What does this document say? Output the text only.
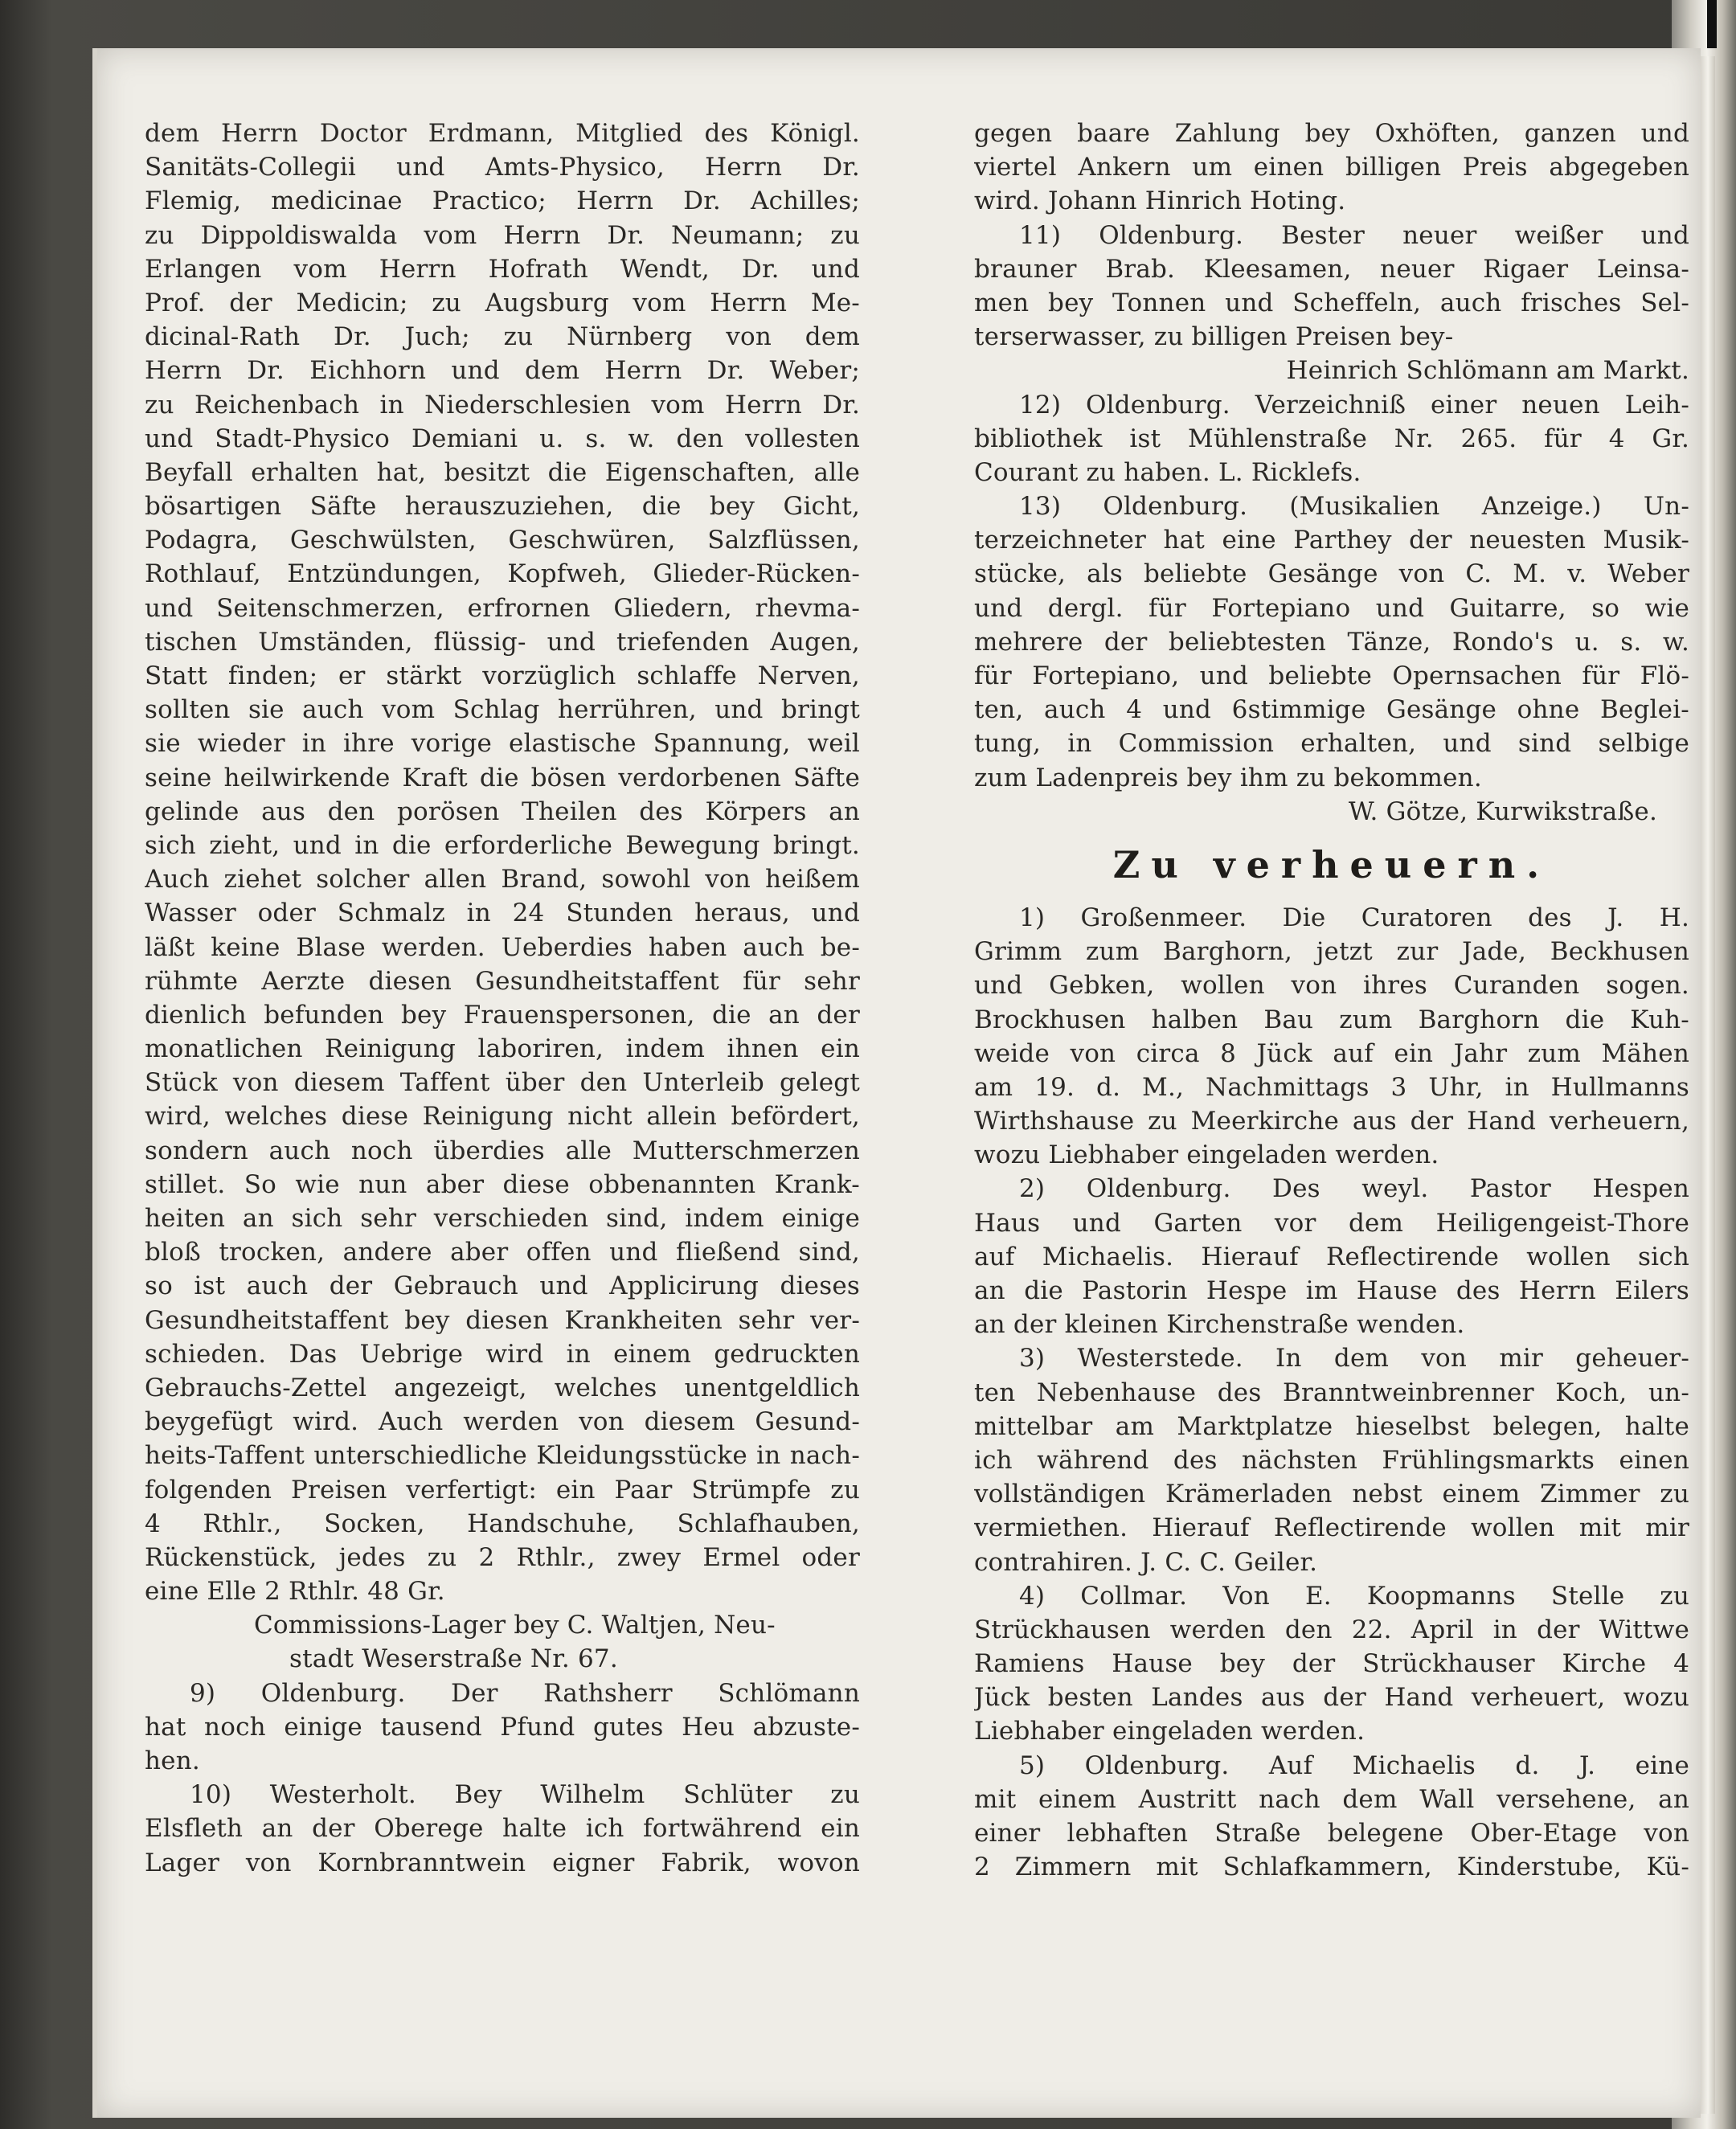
dem Herrn Doctor Erdmann, Mitglied des Königl.
Sanitäts-Collegii und Amts-Physico, Herrn Dr.
Flemig, medicinae Practico; Herrn Dr. Achilles;
zu Dippoldiswalda vom Herrn Dr. Neumann; zu
Erlangen vom Herrn Hofrath Wendt, Dr. und
Prof. der Medicin; zu Augsburg vom Herrn Me-
dicinal-Rath Dr. Juch; zu Nürnberg von dem
Herrn Dr. Eichhorn und dem Herrn Dr. Weber;
zu Reichenbach in Niederschlesien vom Herrn Dr.
und Stadt-Physico Demiani u. s. w. den vollesten
Beyfall erhalten hat, besitzt die Eigenschaften, alle
bösartigen Säfte herauszuziehen, die bey Gicht,
Podagra, Geschwülsten, Geschwüren, Salzflüssen,
Rothlauf, Entzündungen, Kopfweh, Glieder-Rücken-
und Seitenschmerzen, erfrornen Gliedern, rhevma-
tischen Umständen, flüssig- und triefenden Augen,
Statt finden; er stärkt vorzüglich schlaffe Nerven,
sollten sie auch vom Schlag herrühren, und bringt
sie wieder in ihre vorige elastische Spannung, weil
seine heilwirkende Kraft die bösen verdorbenen Säfte
gelinde aus den porösen Theilen des Körpers an
sich zieht, und in die erforderliche Bewegung bringt.
Auch ziehet solcher allen Brand, sowohl von heißem
Wasser oder Schmalz in 24 Stunden heraus, und
läßt keine Blase werden. Ueberdies haben auch be-
rühmte Aerzte diesen Gesundheitstaffent für sehr
dienlich befunden bey Frauenspersonen, die an der
monatlichen Reinigung laboriren, indem ihnen ein
Stück von diesem Taffent über den Unterleib gelegt
wird, welches diese Reinigung nicht allein befördert,
sondern auch noch überdies alle Mutterschmerzen
stillet. So wie nun aber diese obbenannten Krank-
heiten an sich sehr verschieden sind, indem einige
bloß trocken, andere aber offen und fließend sind,
so ist auch der Gebrauch und Applicirung dieses
Gesundheitstaffent bey diesen Krankheiten sehr ver-
schieden. Das Uebrige wird in einem gedruckten
Gebrauchs-Zettel angezeigt, welches unentgeldlich
beygefügt wird. Auch werden von diesem Gesund-
heits-Taffent unterschiedliche Kleidungsstücke in nach-
folgenden Preisen verfertigt: ein Paar Strümpfe zu
4 Rthlr., Socken, Handschuhe, Schlafhauben,
Rückenstück, jedes zu 2 Rthlr., zwey Ermel oder
eine Elle 2 Rthlr. 48 Gr.
Commissions-Lager bey C. Waltjen, Neu-
stadt Weserstraße Nr. 67.
9) Oldenburg. Der Rathsherr Schlömann
hat noch einige tausend Pfund gutes Heu abzuste-
hen.
10) Westerholt. Bey Wilhelm Schlüter zu
Elsfleth an der Oberege halte ich fortwährend ein
Lager von Kornbranntwein eigner Fabrik, wovon
gegen baare Zahlung bey Oxhöften, ganzen und
viertel Ankern um einen billigen Preis abgegeben
wird. Johann Hinrich Hoting.
11) Oldenburg. Bester neuer weißer und
brauner Brab. Kleesamen, neuer Rigaer Leinsa-
men bey Tonnen und Scheffeln, auch frisches Sel-
terserwasser, zu billigen Preisen bey-
Heinrich Schlömann am Markt.
12) Oldenburg. Verzeichniß einer neuen Leih-
bibliothek ist Mühlenstraße Nr. 265. für 4 Gr.
Courant zu haben. L. Ricklefs.
13) Oldenburg. (Musikalien Anzeige.) Un-
terzeichneter hat eine Parthey der neuesten Musik-
stücke, als beliebte Gesänge von C. M. v. Weber
und dergl. für Fortepiano und Guitarre, so wie
mehrere der beliebtesten Tänze, Rondo's u. s. w.
für Fortepiano, und beliebte Opernsachen für Flö-
ten, auch 4 und 6stimmige Gesänge ohne Beglei-
tung, in Commission erhalten, und sind selbige
zum Ladenpreis bey ihm zu bekommen.
W. Götze, Kurwikstraße.
Zu verheuern.
1) Großenmeer. Die Curatoren des J. H.
Grimm zum Barghorn, jetzt zur Jade, Beckhusen
und Gebken, wollen von ihres Curanden sogen.
Brockhusen halben Bau zum Barghorn die Kuh-
weide von circa 8 Jück auf ein Jahr zum Mähen
am 19. d. M., Nachmittags 3 Uhr, in Hullmanns
Wirthshause zu Meerkirche aus der Hand verheuern,
wozu Liebhaber eingeladen werden.
2) Oldenburg. Des weyl. Pastor Hespen
Haus und Garten vor dem Heiligengeist-Thore
auf Michaelis. Hierauf Reflectirende wollen sich
an die Pastorin Hespe im Hause des Herrn Eilers
an der kleinen Kirchenstraße wenden.
3) Westerstede. In dem von mir geheuer-
ten Nebenhause des Branntweinbrenner Koch, un-
mittelbar am Marktplatze hieselbst belegen, halte
ich während des nächsten Frühlingsmarkts einen
vollständigen Krämerladen nebst einem Zimmer zu
vermiethen. Hierauf Reflectirende wollen mit mir
contrahiren. J. C. C. Geiler.
4) Collmar. Von E. Koopmanns Stelle zu
Strückhausen werden den 22. April in der Wittwe
Ramiens Hause bey der Strückhauser Kirche 4
Jück besten Landes aus der Hand verheuert, wozu
Liebhaber eingeladen werden.
5) Oldenburg. Auf Michaelis d. J. eine
mit einem Austritt nach dem Wall versehene, an
einer lebhaften Straße belegene Ober-Etage von
2 Zimmern mit Schlafkammern, Kinderstube, Kü-
